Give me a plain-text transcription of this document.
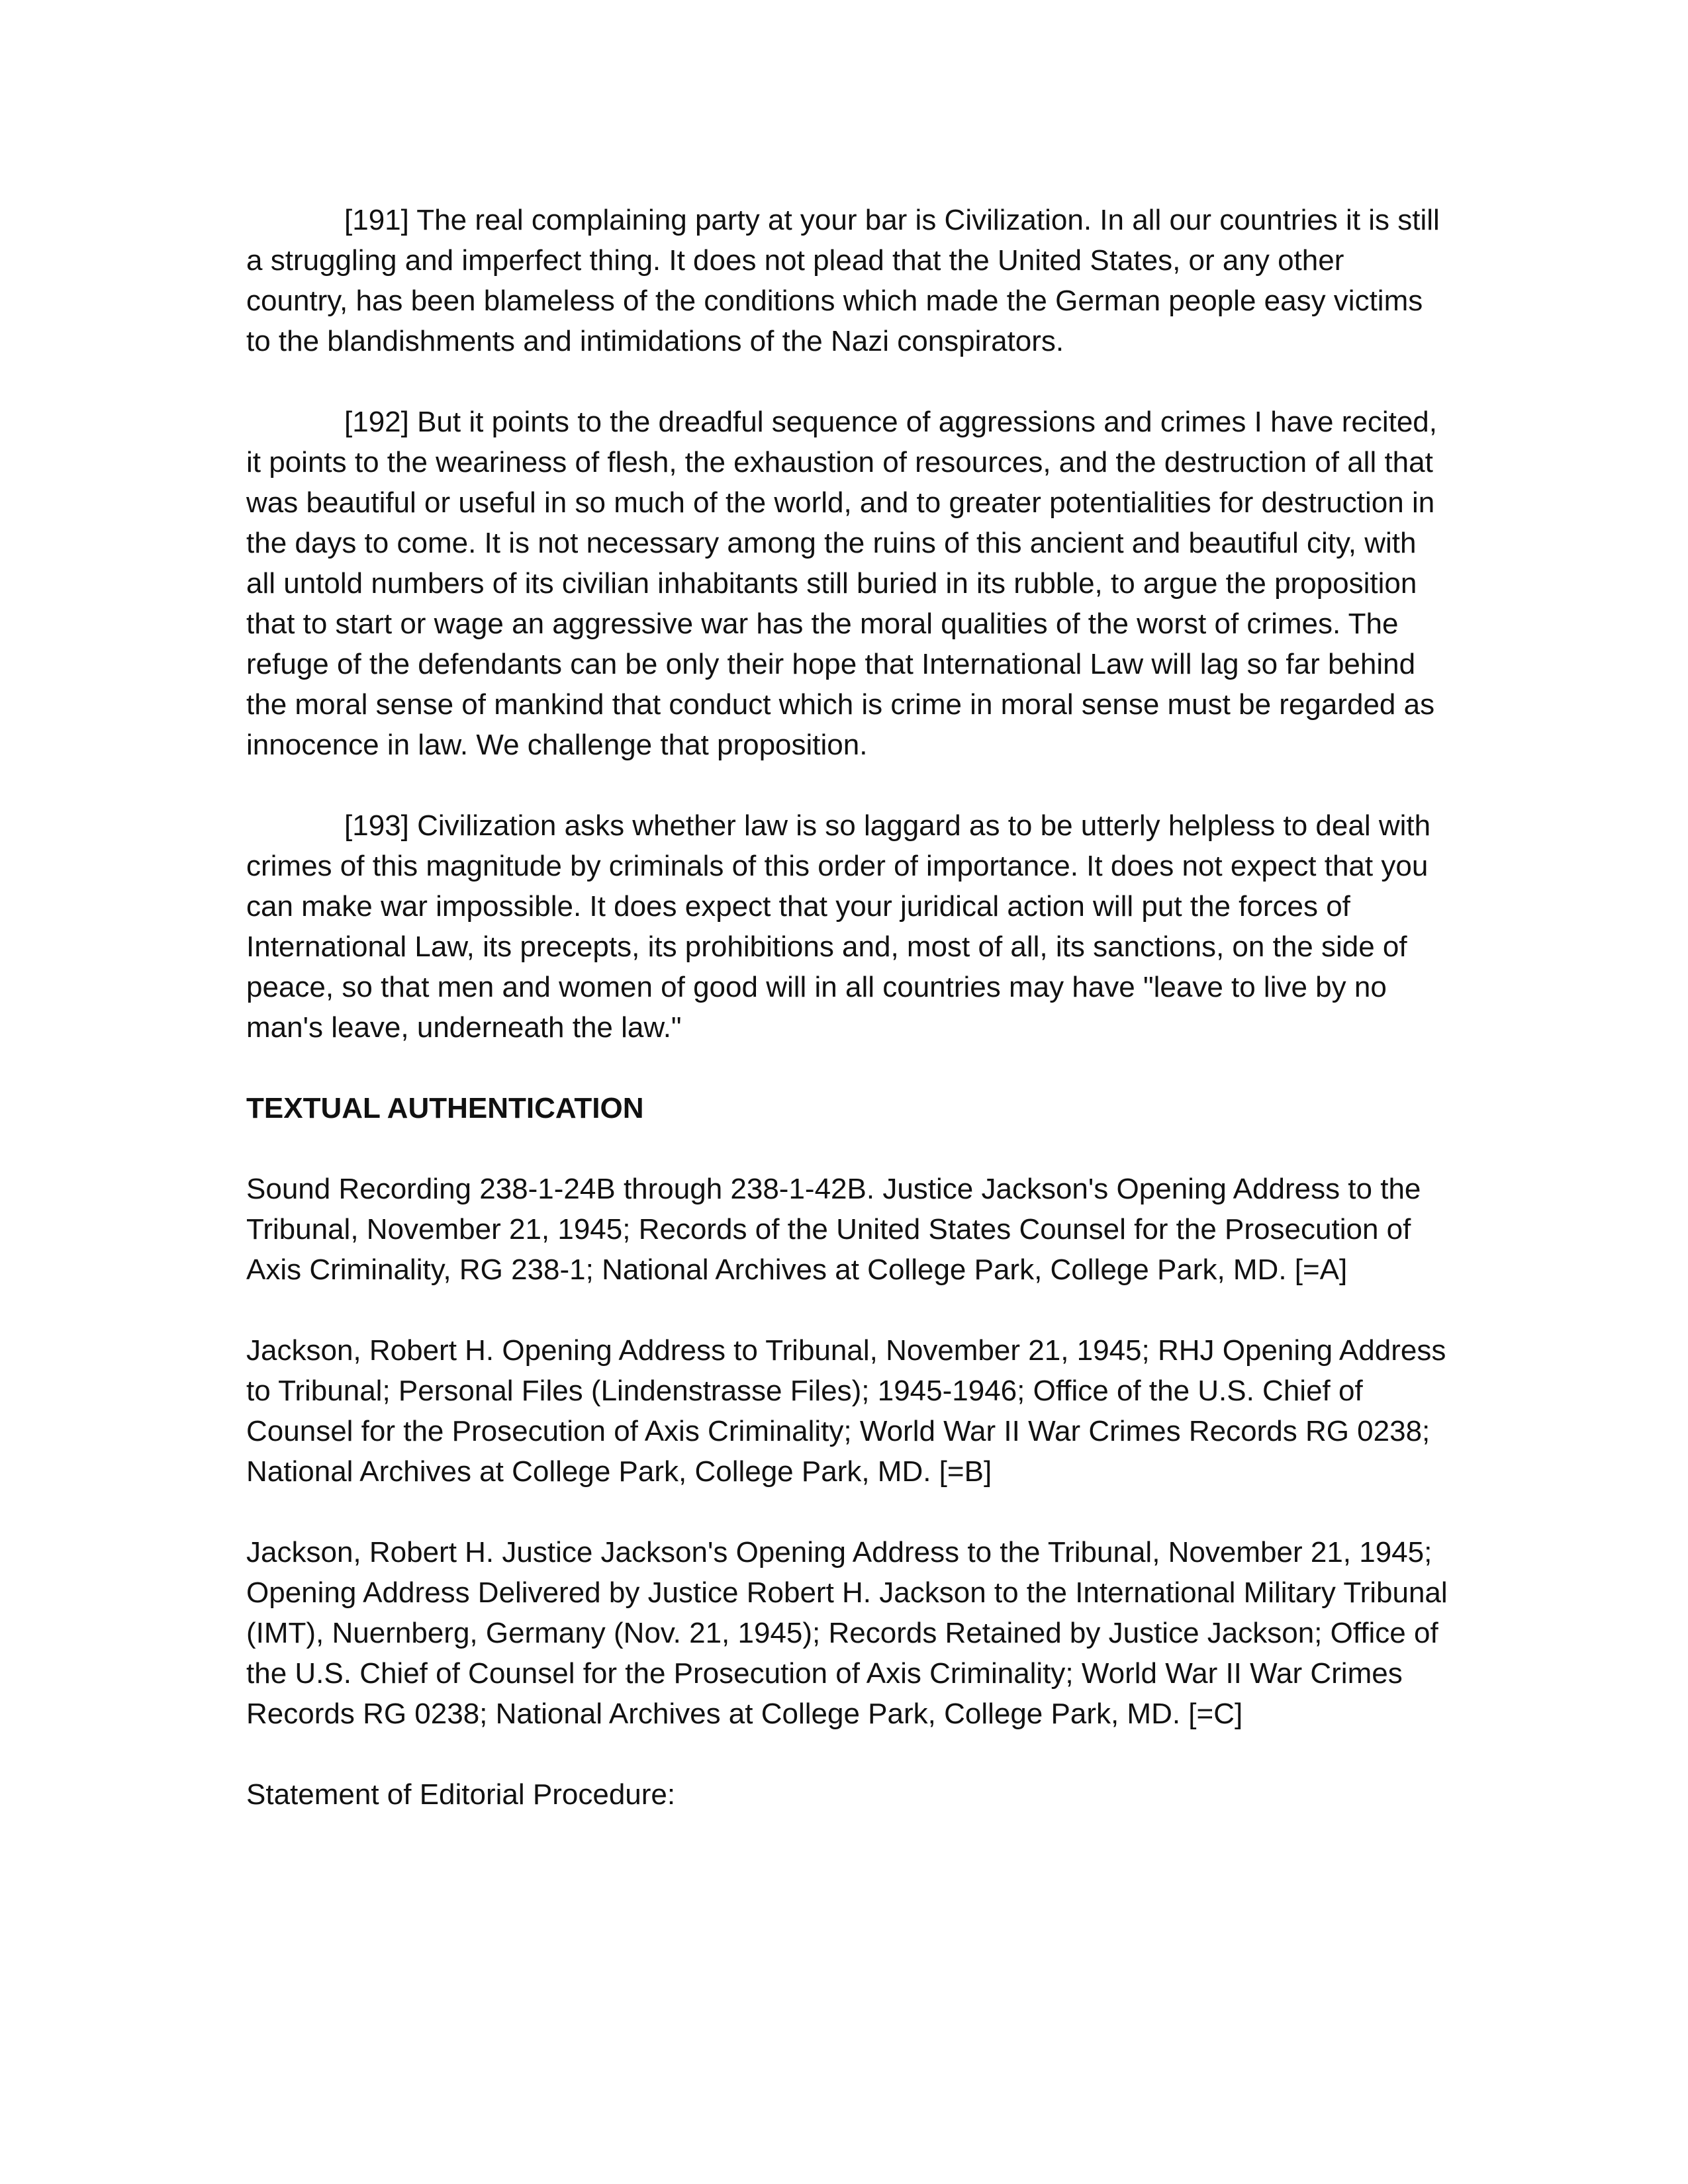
[191] The real complaining party at your bar is Civilization. In all our countries it is still a struggling and imperfect thing. It does not plead that the United States, or any other country, has been blameless of the conditions which made the German people easy victims to the blandishments and intimidations of the Nazi conspirators.

[192] But it points to the dreadful sequence of aggressions and crimes I have recited, it points to the weariness of flesh, the exhaustion of resources, and the destruction of all that was beautiful or useful in so much of the world, and to greater potentialities for destruction in the days to come. It is not necessary among the ruins of this ancient and beautiful city, with all untold numbers of its civilian inhabitants still buried in its rubble, to argue the proposition that to start or wage an aggressive war has the moral qualities of the worst of crimes. The refuge of the defendants can be only their hope that International Law will lag so far behind the moral sense of mankind that conduct which is crime in moral sense must be regarded as innocence in law. We challenge that proposition.

[193] Civilization asks whether law is so laggard as to be utterly helpless to deal with crimes of this magnitude by criminals of this order of importance. It does not expect that you can make war impossible. It does expect that your juridical action will put the forces of International Law, its precepts, its prohibitions and, most of all, its sanctions, on the side of peace, so that men and women of good will in all countries may have "leave to live by no man's leave, underneath the law."

TEXTUAL AUTHENTICATION

Sound Recording 238-1-24B through 238-1-42B. Justice Jackson's Opening Address to the Tribunal, November 21, 1945; Records of the United States Counsel for the Prosecution of Axis Criminality, RG 238-1; National Archives at College Park, College Park, MD. [=A]

Jackson, Robert H. Opening Address to Tribunal, November 21, 1945; RHJ Opening Address to Tribunal; Personal Files (Lindenstrasse Files); 1945-1946; Office of the U.S. Chief of Counsel for the Prosecution of Axis Criminality; World War II War Crimes Records RG 0238; National Archives at College Park, College Park, MD. [=B]

Jackson, Robert H. Justice Jackson's Opening Address to the Tribunal, November 21, 1945; Opening Address Delivered by Justice Robert H. Jackson to the International Military Tribunal (IMT), Nuernberg, Germany (Nov. 21, 1945); Records Retained by Justice Jackson; Office of the U.S. Chief of Counsel for the Prosecution of Axis Criminality; World War II War Crimes Records RG 0238; National Archives at College Park, College Park, MD. [=C]

Statement of Editorial Procedure:
